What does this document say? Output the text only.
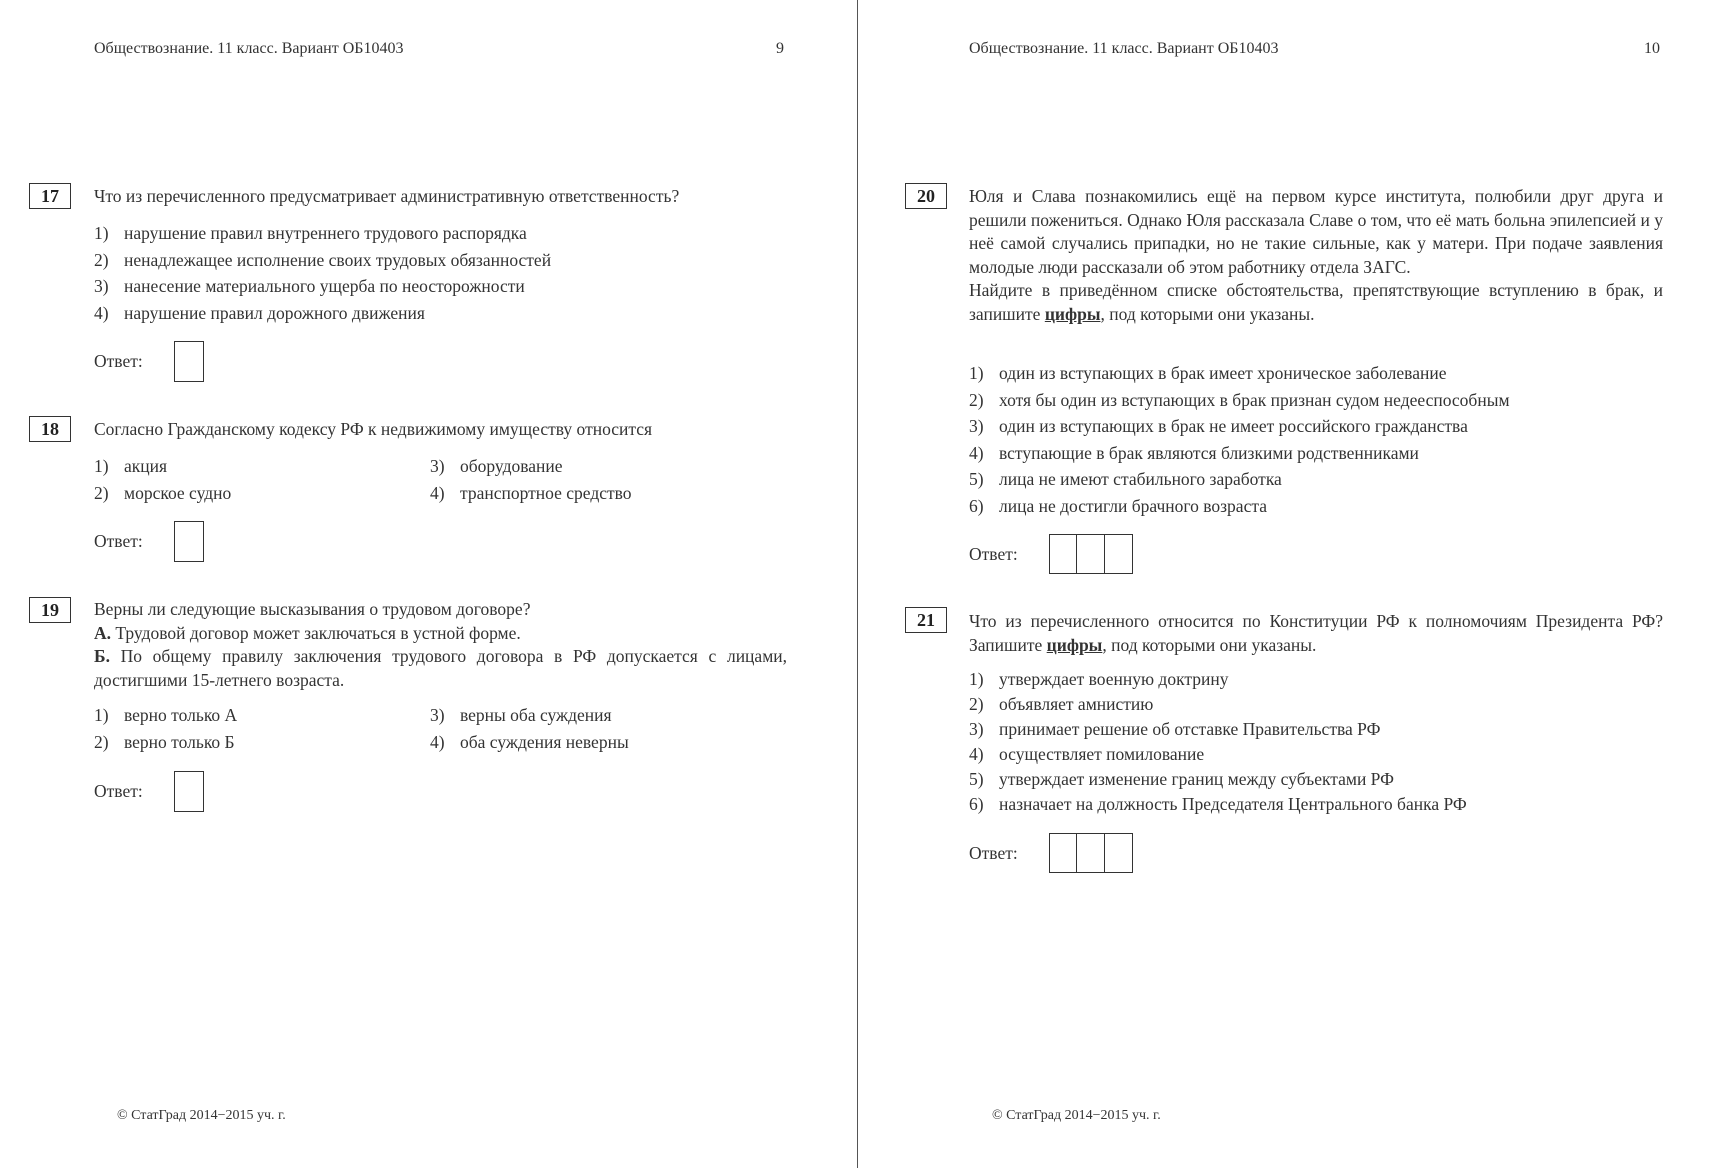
Обществознание. 11 класс. Вариант ОБ10403	9
17	Что из перечисленного предусматривает административную ответственность?
1) нарушение правил внутреннего трудового распорядка
2) ненадлежащее исполнение своих трудовых обязанностей
3) нанесение материального ущерба по неосторожности
4) нарушение правил дорожного движения
Ответ:
18	Согласно Гражданскому кодексу РФ к недвижимому имуществу относится
1) акция	3) оборудование
2) морское судно	4) транспортное средство
Ответ:
19	Верны ли следующие высказывания о трудовом договоре?
А. Трудовой договор может заключаться в устной форме.
Б. По общему правилу заключения трудового договора в РФ допускается с лицами, достигшими 15-летнего возраста.
1) верно только А	3) верны оба суждения
2) верно только Б	4) оба суждения неверны
Ответ:
© СтатГрад 2014−2015 уч. г.
Обществознание. 11 класс. Вариант ОБ10403	10
20	Юля и Слава познакомились ещё на первом курсе института, полюбили друг друга и решили пожениться. Однако Юля рассказала Славе о том, что её мать больна эпилепсией и у неё самой случались припадки, но не такие сильные, как у матери. При подаче заявления молодые люди рассказали об этом работнику отдела ЗАГС.
Найдите в приведённом списке обстоятельства, препятствующие вступлению в брак, и запишите цифры, под которыми они указаны.
1) один из вступающих в брак имеет хроническое заболевание
2) хотя бы один из вступающих в брак признан судом недееспособным
3) один из вступающих в брак не имеет российского гражданства
4) вступающие в брак являются близкими родственниками
5) лица не имеют стабильного заработка
6) лица не достигли брачного возраста
Ответ:
21	Что из перечисленного относится по Конституции РФ к полномочиям Президента РФ? Запишите цифры, под которыми они указаны.
1) утверждает военную доктрину
2) объявляет амнистию
3) принимает решение об отставке Правительства РФ
4) осуществляет помилование
5) утверждает изменение границ между субъектами РФ
6) назначает на должность Председателя Центрального банка РФ
Ответ:
© СтатГрад 2014−2015 уч. г.
